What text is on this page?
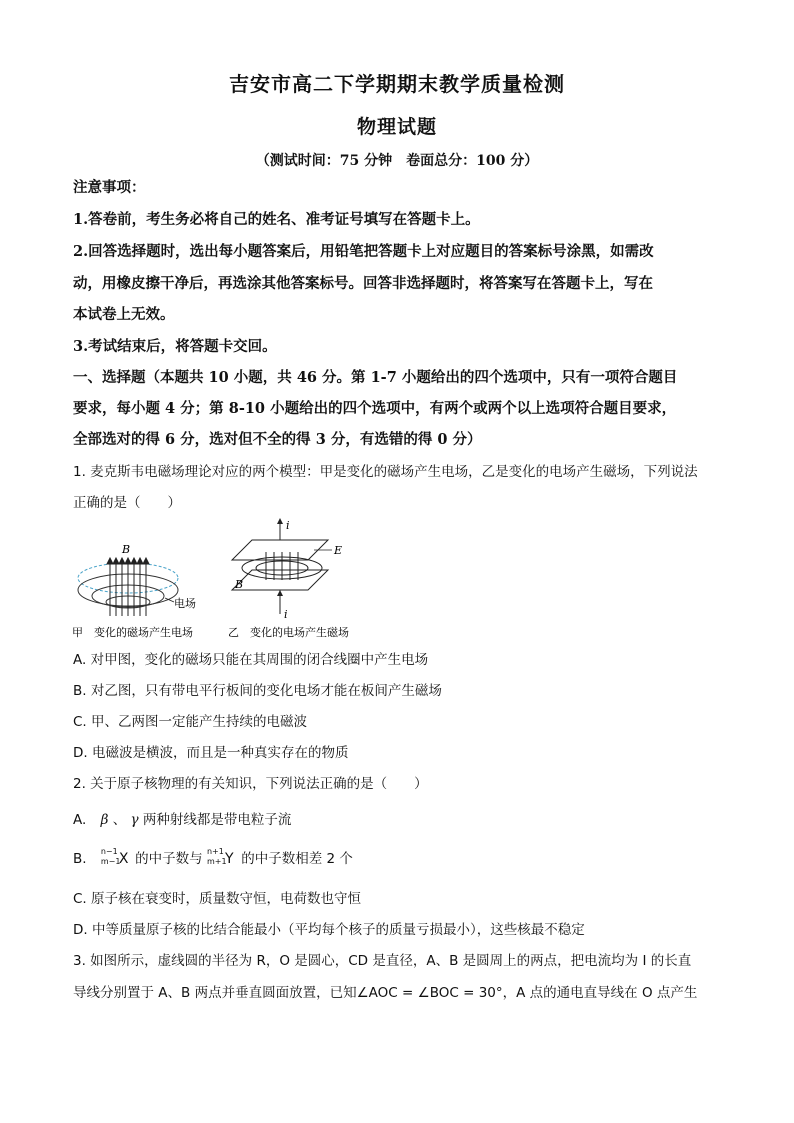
吉安市高二下学期期末教学质量检测
物理试题
（测试时间：75 分钟　卷面总分：100 分）
注意事项：
1.答卷前，考生务必将自己的姓名、准考证号填写在答题卡上。
2.回答选择题时，选出每小题答案后，用铅笔把答题卡上对应题目的答案标号涂黑，如需改
动，用橡皮擦干净后，再选涂其他答案标号。回答非选择题时，将答案写在答题卡上，写在
本试卷上无效。
3.考试结束后，将答题卡交回。
一、选择题（本题共 10 小题，共 46 分。第 1-7 小题给出的四个选项中，只有一项符合题目
要求，每小题 4 分；第 8-10 小题给出的四个选项中，有两个或两个以上选项符合题目要求，
全部选对的得 6 分，选对但不全的得 3 分，有选错的得 0 分）
1. 麦克斯韦电磁场理论对应的两个模型：甲是变化的磁场产生电场，乙是变化的电场产生磁场，下列说法
正确的是（　　）
B
电场
甲　变化的磁场产生电场
i
E
B
i
乙　变化的电场产生磁场
A. 对甲图，变化的磁场只能在其周围的闭合线圈中产生电场
B. 对乙图，只有带电平行板间的变化电场才能在板间产生磁场
C. 甲、乙两图一定能产生持续的电磁波
D. 电磁波是横波，而且是一种真实存在的物质
2. 关于原子核物理的有关知识，下列说法正确的是（　　）
A. β 、 γ 两种射线都是带电粒子流
B. n−1
m−1
X 的中子数与 n+1
m+1
Y 的中子数相差 2 个
C. 原子核在衰变时，质量数守恒，电荷数也守恒
D. 中等质量原子核的比结合能最小（平均每个核子的质量亏损最小），这些核最不稳定
3. 如图所示，虚线圆的半径为 R，O 是圆心，CD 是直径，A、B 是圆周上的两点，把电流均为 I 的长直
导线分别置于 A、B 两点并垂直圆面放置，已知∠AOC = ∠BOC = 30°，A 点的通电直导线在 O 点产生
